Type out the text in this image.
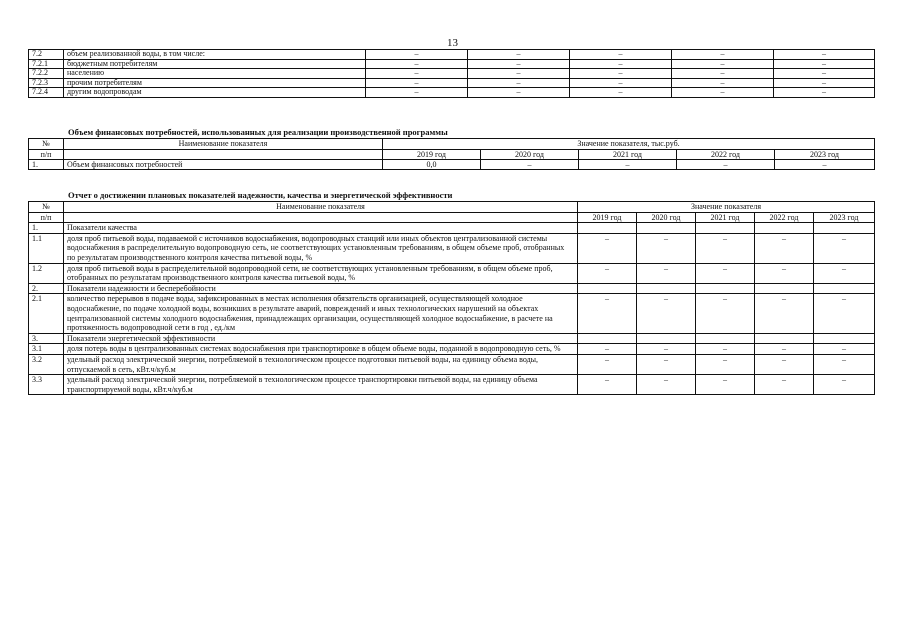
13
7.2	объем реализованной воды, в том числе:	–	–	–	–	–
7.2.1	бюджетным потребителям	–	–	–	–	–
7.2.2	населению	–	–	–	–	–
7.2.3	прочим потребителям	–	–	–	–	–
7.2.4	другим водопроводам	–	–	–	–	–
Объем финансовых потребностей, использованных для реализации производственной программы
№	Наименование показателя	Значение показателя, тыс.руб.				
п/п		2019 год	2020 год	2021 год	2022 год	2023 год
1.	Объем финансовых потребностей	0,0	–	–	–	–
Отчет о достижении плановых показателей надежности, качества и энергетической эффективности
№	Наименование показателя	Значение показателя				
п/п		2019 год	2020 год	2021 год	2022 год	2023 год
1.	Показатели качества					
1.1	доля проб питьевой воды, подаваемой с источников водоснабжения, водопроводных станций или иных объектов централизованной системы водоснабжения в распределительную водопроводную сеть, не соответствующих установленным требованиям, в общем объеме проб, отобранных по результатам производственного контроля качества питьевой воды, %	–	–	–	–	–
1.2	доля проб питьевой воды в распределительной водопроводной сети, не соответствующих установленным требованиям, в общем объеме проб, отобранных по результатам производственного контроля качества питьевой воды, %	–	–	–	–	–
2.	Показатели надежности и бесперебойности					
2.1	количество перерывов в подаче воды, зафиксированных в местах исполнения обязательств организацией, осуществляющей холодное водоснабжение, по подаче холодной воды, возникших в результате аварий, повреждений и иных технологических нарушений на объектах централизованной системы холодного водоснабжения, принадлежащих организации, осуществляющей холодное водоснабжение, в расчете на протяженность водопроводной сети в год , ед./км	–	–	–	–	–
3.	Показатели энергетической эффективности					
3.1	доля потерь воды в централизованных системах водоснабжения при транспортировке в общем объеме воды, поданной в водопроводную сеть, %	–	–	–	–	–
3.2	удельный расход электрической энергии, потребляемой в технологическом процессе подготовки питьевой воды, на единицу объема воды, отпускаемой в сеть, кВт.ч/куб.м	–	–	–	–	–
3.3	удельный расход электрической энергии, потребляемой в технологическом процессе транспортировки питьевой воды, на единицу объема транспортируемой воды, кВт.ч/куб.м	–	–	–	–	–
